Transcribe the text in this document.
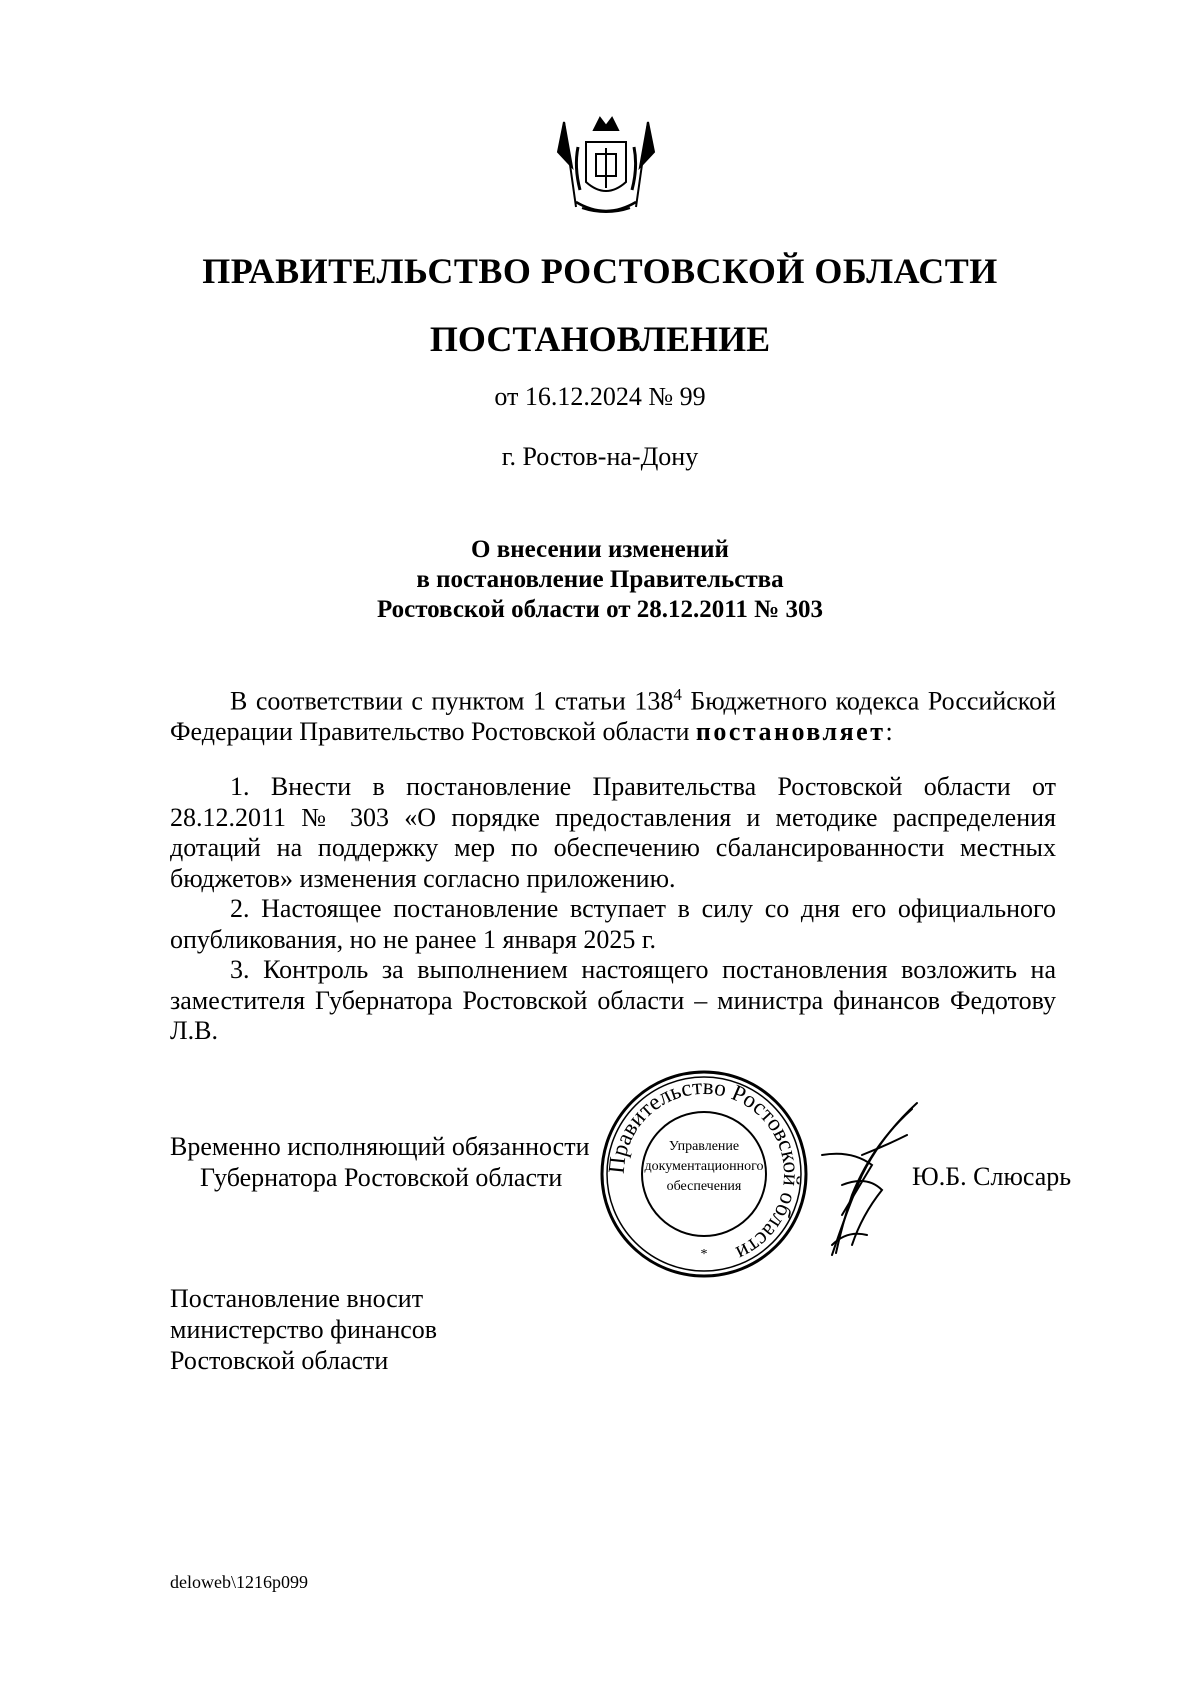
ПРАВИТЕЛЬСТВО РОСТОВСКОЙ ОБЛАСТИ
ПОСТАНОВЛЕНИЕ
от 16.12.2024 № 99
г. Ростов-на-Дону
О внесении изменений
в постановление Правительства
Ростовской области от 28.12.2011 № 303
В соответствии с пунктом 1 статьи $138^4$ Бюджетного кодекса Российской Федерации Правительство Ростовской области постановляет:

1. Внести в постановление Правительства Ростовской области от 28.12.2011 № 303 «О порядке предоставления и методике распределения дотаций на поддержку мер по обеспечению сбалансированности местных бюджетов» изменения согласно приложению.

2. Настоящее постановление вступает в силу со дня его официального опубликования, но не ранее 1 января 2025 г.

3. Контроль за выполнением настоящего постановления возложить на заместителя Губернатора Ростовской области – министра финансов Федотову Л.В.

Временно исполняющий обязанности
Губернатора Ростовской области	Правительство Ростовской области
Управление
документационного
обеспечения
*
Ю.Б. Слюсарь
Постановление вносит
министерство финансов
Ростовской области
deloweb\1216p099
